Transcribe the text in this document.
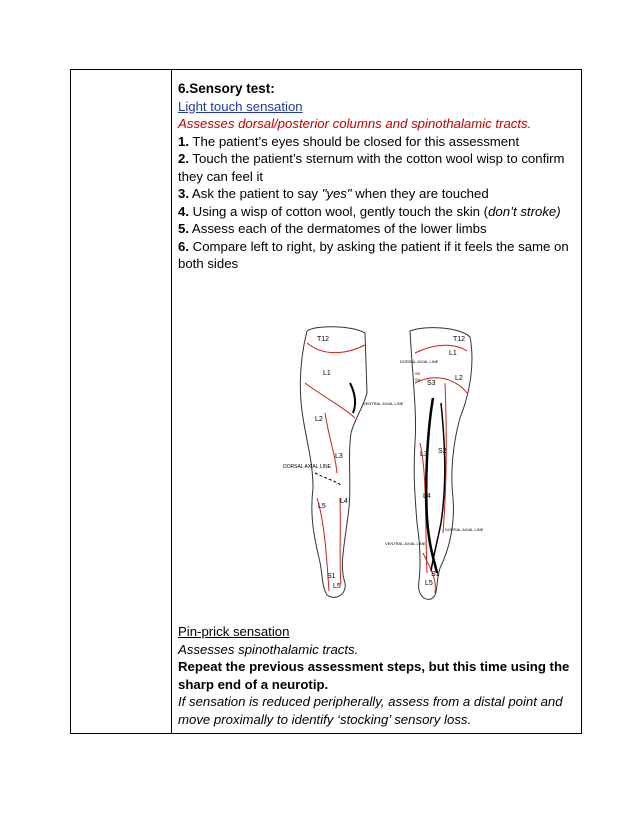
6.Sensory test:

Light touch sensation

Assesses dorsal/posterior columns and spinothalamic tracts.

1. The patient’s eyes should be closed for this assessment

2. Touch the patient’s sternum with the cotton wool wisp to confirm they can feel it

3. Ask the patient to say "yes" when they are touched

4. Using a wisp of cotton wool, gently touch the skin (don’t stroke)

5. Assess each of the dermatomes of the lower limbs

6. Compare left to right, by asking the patient if it feels the same on both sides

T12
L1
L2
L3
L4
L5
S1
L5
DORSAL AXIAL LINE
T12
L1
L2
S3
L3 S2
L4
L5
S1
S5
S4
DORSAL AXIAL LINE
VENTRAL AXIAL LINE
VENTRAL AXIAL LINE
DORSAL AXIAL LINE

Pin-prick sensation

Assesses spinothalamic tracts.

Repeat the previous assessment steps, but this time using the sharp end of a neurotip.

If sensation is reduced peripherally, assess from a distal point and move proximally to identify ‘stocking’ sensory loss.
